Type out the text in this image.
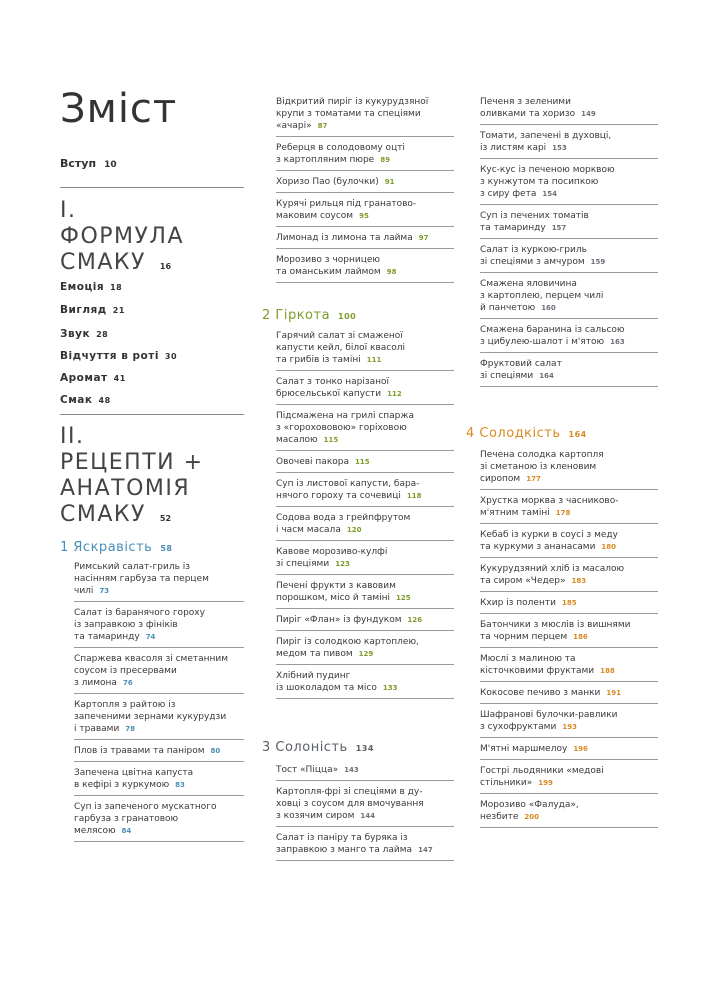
Зміст
Вступ 10
I.
ФОРМУЛА
СМАКУ 16
Емоція 18
Вигляд 21
Звук 28
Відчуття в роті 30
Аромат 41
Смак 48
II.
РЕЦЕПТИ +
АНАТОМІЯ
СМАКУ 52
1 Яскравість 58
2 Гіркота 100
3 Солоність 134
4 Солодкість 164
Римський салат-гриль із
насінням гарбуза та перцем
чилі 73
Салат із баранячого гороху
із заправкою з фініків
та тамаринду 74
Спаржева квасоля зі сметанним
соусом із пресервами
з лимона 76
Картопля з райтою із
запеченими зернами кукурудзи
і травами 78
Плов із травами та паніром 80
Запечена цвітна капуста
в кефірі з куркумою 83
Суп із запеченого мускатного
гарбуза з гранатовою
мелясою 84
Відкритий пиріг із кукурудзяної
крупи з томатами та спеціями
«ачарі» 87
Реберця в солодовому оцті
з картопляним пюре 89
Хоризо Пао (булочки) 91
Курячі рильця під гранатово-
маковим соусом 95
Лимонад із лимона та лайма 97
Морозиво з чорницею
та оманським лаймом 98
Гарячий салат зі смаженої
капусти кейл, білої квасолі
та грибів із таміні 111
Салат з тонко нарізаної
брюсельської капусти 112
Підсмажена на грилі спаржа
з «горохововою» горіховою
масалою 115
Овочеві пакора 115
Суп із листової капусти, бара-
нячого гороху та сочевиці 118
Содова вода з грейпфрутом
і часм масала 120
Кавове морозиво-кулфі
зі спеціями 123
Печені фрукти з кавовим
порошком, місо й таміні 125
Пиріг «Флан» із фундуком 126
Пиріг із солодкою картоплею,
медом та пивом 129
Хлібний пудинг
із шоколадом та місо 133
Тост «Піцца» 143
Картопля-фрі зі спеціями в ду-
ховці з соусом для вмочування
з козячим сиром 144
Салат із паніру та буряка із
заправкою з манго та лайма 147
Печеня з зеленими
оливками та хоризо 149
Томати, запечені в духовці,
із листям карі 153
Кус-кус із печеною морквою
з кунжутом та посипкою
з сиру фета 154
Суп із печених томатів
та тамаринду 157
Салат із куркою-гриль
зі спеціями з амчуром 159
Смажена яловичина
з картоплею, перцем чилі
й панчетою 160
Смажена баранина із сальсою
з цибулею-шалот і м'ятою 163
Фруктовий салат
зі спеціями 164
Печена солодка картопля
зі сметаною із кленовим
сиропом 177
Хрустка морква з часниково-
м'ятним таміні 178
Кебаб із курки в соусі з меду
та куркуми з ананасами 180
Кукурудзяний хліб із масалою
та сиром «Чедер» 183
Кхир із поленти 185
Батончики з мюслів із вишнями
та чорним перцем 186
Мюслі з малиною та
кісточковими фруктами 188
Кокосове печиво з манки 191
Шафранові булочки-равлики
з сухофруктами 193
М'ятні маршмелоу 196
Гострі льодяники «медові
стільники» 199
Морозиво «Фалуда»,
незбите 200
